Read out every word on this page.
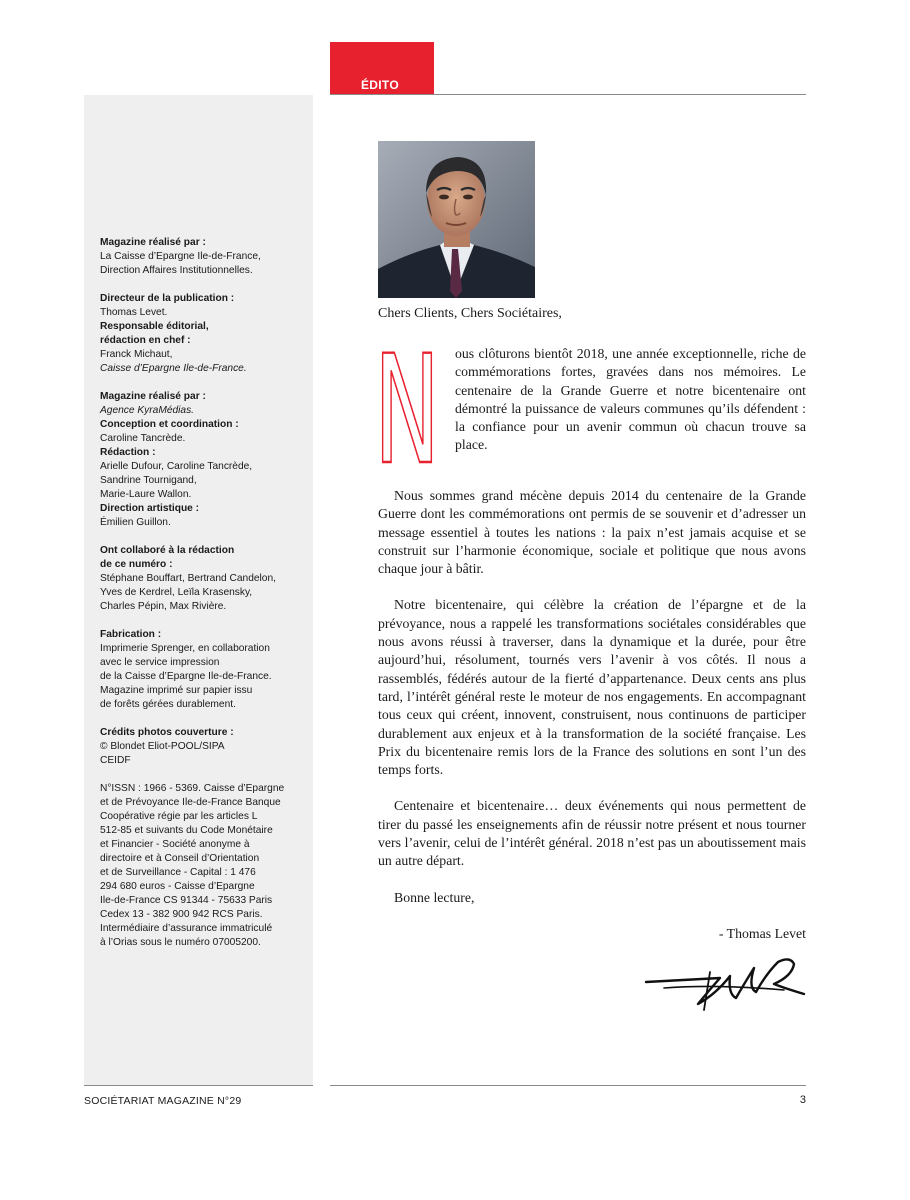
Magazine réalisé par :
La Caisse d’Epargne Ile-de-France,
Direction Affaires Institutionnelles.
Directeur de la publication :
Thomas Levet.
Responsable éditorial,
rédaction en chef :
Franck Michaut,
Caisse d’Epargne Ile-de-France.
Magazine réalisé par :
Agence KyraMédias.
Conception et coordination :
Caroline Tancrède.
Rédaction :
Arielle Dufour, Caroline Tancrède,
Sandrine Tournigand,
Marie-Laure Wallon.
Direction artistique :
Émilien Guillon.
Ont collaboré à la rédaction
de ce numéro :
Stéphane Bouffart, Bertrand Candelon,
Yves de Kerdrel, Leïla Krasensky,
Charles Pépin, Max Rivière.
Fabrication :
Imprimerie Sprenger, en collaboration
avec le service impression
de la Caisse d’Epargne Ile-de-France.
Magazine imprimé sur papier issu
de forêts gérées durablement.
Crédits photos couverture :
© Blondet Eliot-POOL/SIPA
CEIDF
N°ISSN : 1966 - 5369. Caisse d’Epargne
et de Prévoyance Ile-de-France Banque
Coopérative régie par les articles L
512-85 et suivants du Code Monétaire
et Financier - Société anonyme à
directoire et à Conseil d’Orientation
et de Surveillance - Capital : 1 476
294 680 euros - Caisse d’Epargne
Ile-de-France CS 91344 - 75633 Paris
Cedex 13 - 382 900 942 RCS Paris.
Intermédiaire d’assurance immatriculé
à l’Orias sous le numéro 07005200.
ÉDITO
Chers Clients, Chers Sociétaires,
N ous clôturons bientôt 2018, une année exceptionnelle, riche de commémorations fortes, gravées dans nos mémoires. Le centenaire de la Grande Guerre et notre bicentenaire ont démontré la puissance de valeurs communes qu’ils défendent : la confiance pour un avenir commun où chacun trouve sa place.

Nous sommes grand mécène depuis 2014 du centenaire de la Grande Guerre dont les commémorations ont permis de se souvenir et d’adresser un message essentiel à toutes les nations : la paix n’est jamais acquise et se construit sur l’harmonie économique, sociale et politique que nous avons chaque jour à bâtir.

Notre bicentenaire, qui célèbre la création de l’épargne et de la prévoyance, nous a rappelé les transformations sociétales considérables que nous avons réussi à traverser, dans la dynamique et la durée, pour être aujourd’hui, résolument, tournés vers l’avenir à vos côtés. Il nous a rassemblés, fédérés autour de la fierté d’appartenance. Deux cents ans plus tard, l’intérêt général reste le moteur de nos engagements. En accompagnant tous ceux qui créent, innovent, construisent, nous continuons de participer durablement aux enjeux et à la transformation de la société française. Les Prix du bicentenaire remis lors de la France des solutions en sont l’un des temps forts.

Centenaire et bicentenaire… deux événements qui nous permettent de tirer du passé les enseignements afin de réussir notre présent et nous tourner vers l’avenir, celui de l’intérêt général. 2018 n’est pas un aboutissement mais un autre départ.

Bonne lecture,

- Thomas Levet
SOCIÉTARIAT MAGAZINE N°29	3
